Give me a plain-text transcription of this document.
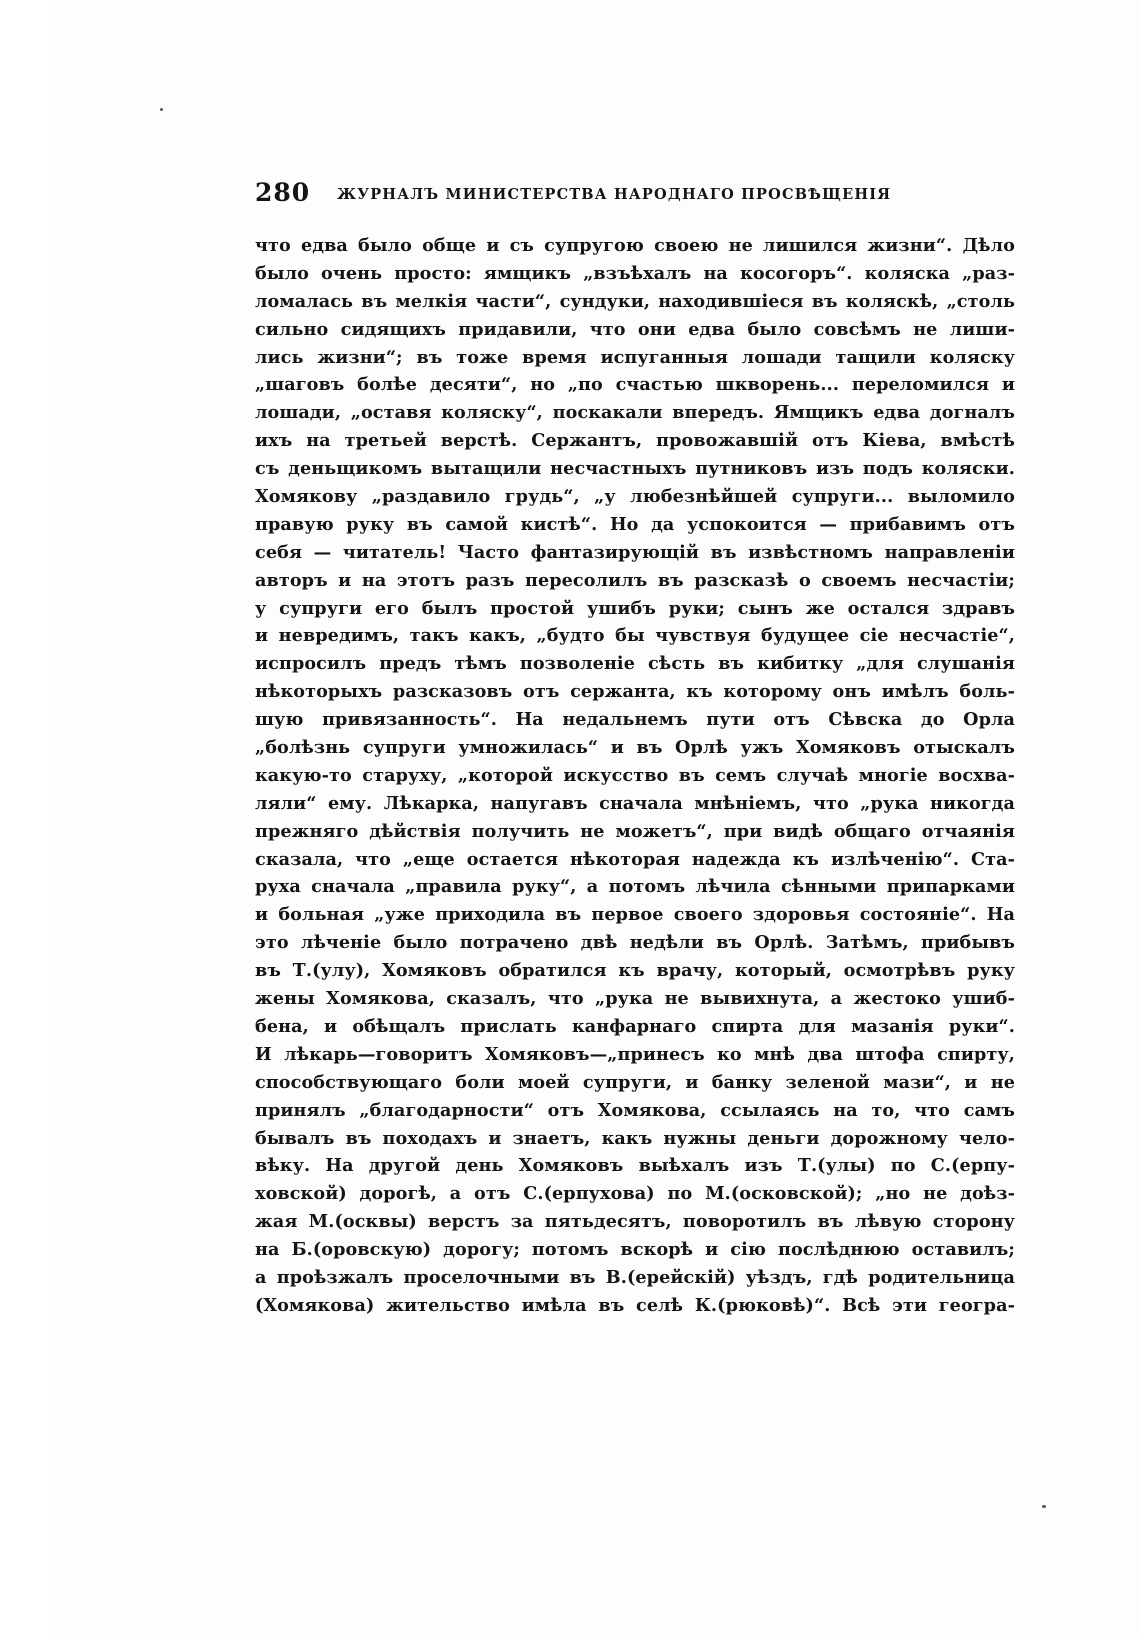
280 ЖУРНАЛЪ МИНИСТЕРСТВА НАРОДНАГО ПРОСВѢЩЕНІЯ
что едва было обще и съ супругою своею не лишился жизни“. Дѣло
было очень просто: ямщикъ „взъѣхалъ на косогоръ“. коляска „раз-
ломалась въ мелкія части“, сундуки, находившіеся въ коляскѣ, „столь
сильно сидящихъ придавили, что они едва было совсѣмъ не лиши-
лись жизни“; въ тоже время испуганныя лошади тащили коляску
„шаговъ болѣе десяти“, но „по счастью шкворень... переломился и
лошади, „оставя коляску“, поскакали впередъ. Ямщикъ едва догналъ
ихъ на третьей верстѣ. Сержантъ, провожавшій отъ Кіева, вмѣстѣ
съ деньщикомъ вытащили несчастныхъ путниковъ изъ подъ коляски.
Хомякову „раздавило грудь“, „у любезнѣйшей супруги... выломило
правую руку въ самой кистѣ“. Но да успокоится — прибавимъ отъ
себя — читатель! Часто фантазирующій въ извѣстномъ направленіи
авторъ и на этотъ разъ пересолилъ въ разсказѣ о своемъ несчастіи;
у супруги его былъ простой ушибъ руки; сынъ же остался здравъ
и невредимъ, такъ какъ, „будто бы чувствуя будущее сіе несчастіе“,
испросилъ предъ тѣмъ позволеніе сѣсть въ кибитку „для слушанія
нѣкоторыхъ разсказовъ отъ сержанта, къ которому онъ имѣлъ боль-
шую привязанность“. На недальнемъ пути отъ Сѣвска до Орла
„болѣзнь супруги умножилась“ и въ Орлѣ ужъ Хомяковъ отыскалъ
какую-то старуху, „которой искусство въ семъ случаѣ многіе восхва-
ляли“ ему. Лѣкарка, напугавъ сначала мнѣніемъ, что „рука никогда
прежняго дѣйствія получить не можетъ“, при видѣ общаго отчаянія
сказала, что „еще остается нѣкоторая надежда къ излѣченію“. Ста-
руха сначала „правила руку“, а потомъ лѣчила сѣнными припарками
и больная „уже приходила въ первое своего здоровья состояніе“. На
это лѣченіе было потрачено двѣ недѣли въ Орлѣ. Затѣмъ, прибывъ
въ Т.(улу), Хомяковъ обратился къ врачу, который, осмотрѣвъ руку
жены Хомякова, сказалъ, что „рука не вывихнута, а жестоко ушиб-
бена, и обѣщалъ прислать канфарнаго спирта для мазанія руки“.
И лѣкарь—говоритъ Хомяковъ—„принесъ ко мнѣ два штофа спирту,
способствующаго боли моей супруги, и банку зеленой мази“, и не
принялъ „благодарности“ отъ Хомякова, ссылаясь на то, что самъ
бывалъ въ походахъ и знаетъ, какъ нужны деньги дорожному чело-
вѣку. На другой день Хомяковъ выѣхалъ изъ Т.(улы) по С.(ерпу-
ховской) дорогѣ, а отъ С.(ерпухова) по М.(осковской); „но не доѣз-
жая М.(осквы) верстъ за пятьдесятъ, поворотилъ въ лѣвую сторону
на Б.(оровскую) дорогу; потомъ вскорѣ и сію послѣднюю оставилъ;
а проѣзжалъ проселочными въ В.(ерейскій) уѣздъ, гдѣ родительница
(Хомякова) жительство имѣла въ селѣ К.(рюковѣ)“. Всѣ эти геогра-
